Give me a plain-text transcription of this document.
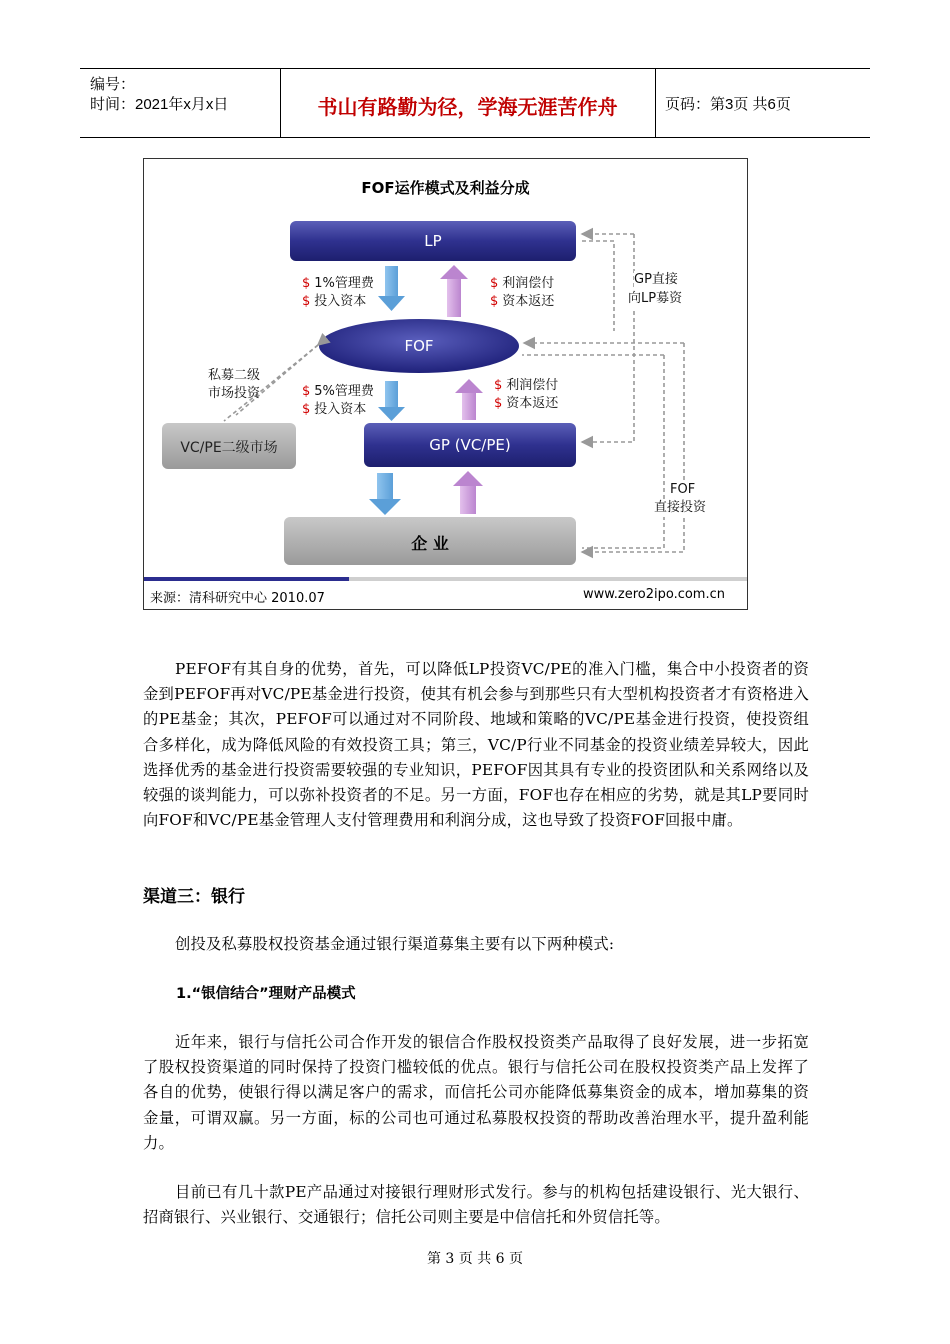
编号：
时间：2021年x月x日	书山有路勤为径，学海无涯苦作舟	页码：第3页 共6页
FOF运作模式及利益分成
LP
FOF
GP (VC/PE)
企 业
VC/PE二级市场
$ 1%管理费
$ 投入资本
$ 利润偿付
$ 资本返还
$ 5%管理费
$ 投入资本
$ 利润偿付
$ 资本返还
私募二级
市场投资
GP直接
向LP募资
FOF
直接投资
来源：清科研究中心 2010.07	www.zero2ipo.com.cn
PEFOF有其自身的优势，首先，可以降低LP投资VC/PE的准入门槛，集合中小投资者的资金到PEFOF再对VC/PE基金进行投资，使其有机会参与到那些只有大型机构投资者才有资格进入的PE基金；其次，PEFOF可以通过对不同阶段、地域和策略的VC/PE基金进行投资，使投资组合多样化，成为降低风险的有效投资工具；第三，VC/P行业不同基金的投资业绩差异较大，因此选择优秀的基金进行投资需要较强的专业知识，PEFOF因其具有专业的投资团队和关系网络以及较强的谈判能力，可以弥补投资者的不足。另一方面，FOF也存在相应的劣势，就是其LP要同时向FOF和VC/PE基金管理人支付管理费用和利润分成，这也导致了投资FOF回报中庸。
渠道三：银行
创投及私募股权投资基金通过银行渠道募集主要有以下两种模式:
1.“银信结合”理财产品模式
近年来，银行与信托公司合作开发的银信合作股权投资类产品取得了良好发展，进一步拓宽了股权投资渠道的同时保持了投资门槛较低的优点。银行与信托公司在股权投资类产品上发挥了各自的优势，使银行得以满足客户的需求，而信托公司亦能降低募集资金的成本，增加募集的资金量，可谓双赢。另一方面，标的公司也可通过私募股权投资的帮助改善治理水平，提升盈利能力。
目前已有几十款PE产品通过对接银行理财形式发行。参与的机构包括建设银行、光大银行、招商银行、兴业银行、交通银行；信托公司则主要是中信信托和外贸信托等。
第 3 页 共 6 页
